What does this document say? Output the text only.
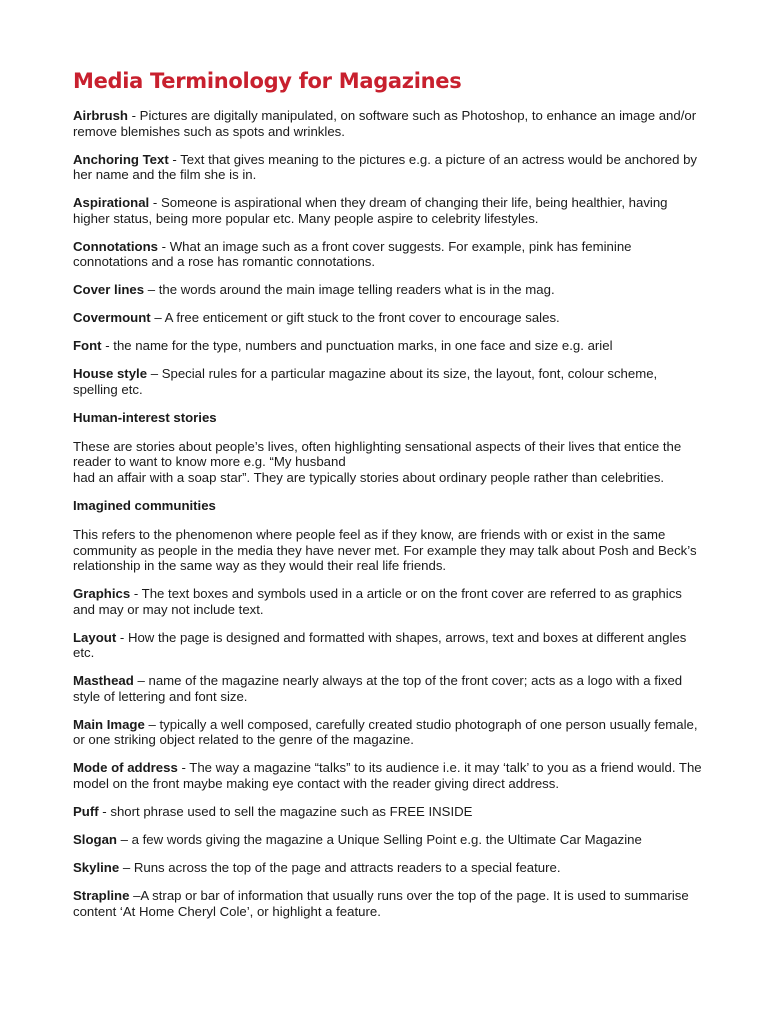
Media Terminology for Magazines

Airbrush - Pictures are digitally manipulated, on software such as Photoshop, to enhance an image and/or remove blemishes such as spots and wrinkles.

Anchoring Text - Text that gives meaning to the pictures e.g. a picture of an actress would be anchored by her name and the film she is in.

Aspirational - Someone is aspirational when they dream of changing their life, being healthier, having higher status, being more popular etc. Many people aspire to celebrity lifestyles.

Connotations - What an image such as a front cover suggests. For example, pink has feminine connotations and a rose has romantic connotations.

Cover lines – the words around the main image telling readers what is in the mag.

Covermount – A free enticement or gift stuck to the front cover to encourage sales.

Font - the name for the type, numbers and punctuation marks, in one face and size e.g. ariel

House style – Special rules for a particular magazine about its size, the layout, font, colour scheme, spelling etc.

Human-interest stories

These are stories about people’s lives, often highlighting sensational aspects of their lives that entice the reader to want to know more e.g. “My husband
had an affair with a soap star”. They are typically stories about ordinary people rather than celebrities.

Imagined communities

This refers to the phenomenon where people feel as if they know, are friends with or exist in the same community as people in the media they have never met. For example they may talk about Posh and Beck’s relationship in the same way as they would their real life friends.

Graphics - The text boxes and symbols used in a article or on the front cover are referred to as graphics and may or may not include text.

Layout - How the page is designed and formatted with shapes, arrows, text and boxes at different angles etc.

Masthead – name of the magazine nearly always at the top of the front cover; acts as a logo with a fixed style of lettering and font size.

Main Image – typically a well composed, carefully created studio photograph of one person usually female, or one striking object related to the genre of the magazine.

Mode of address - The way a magazine “talks” to its audience i.e. it may ‘talk’ to you as a friend would. The model on the front maybe making eye contact with the reader giving direct address.

Puff - short phrase used to sell the magazine such as FREE INSIDE

Slogan – a few words giving the magazine a Unique Selling Point e.g. the Ultimate Car Magazine

Skyline – Runs across the top of the page and attracts readers to a special feature.

Strapline –A strap or bar of information that usually runs over the top of the page. It is used to summarise content ‘At Home Cheryl Cole’, or highlight a feature.
